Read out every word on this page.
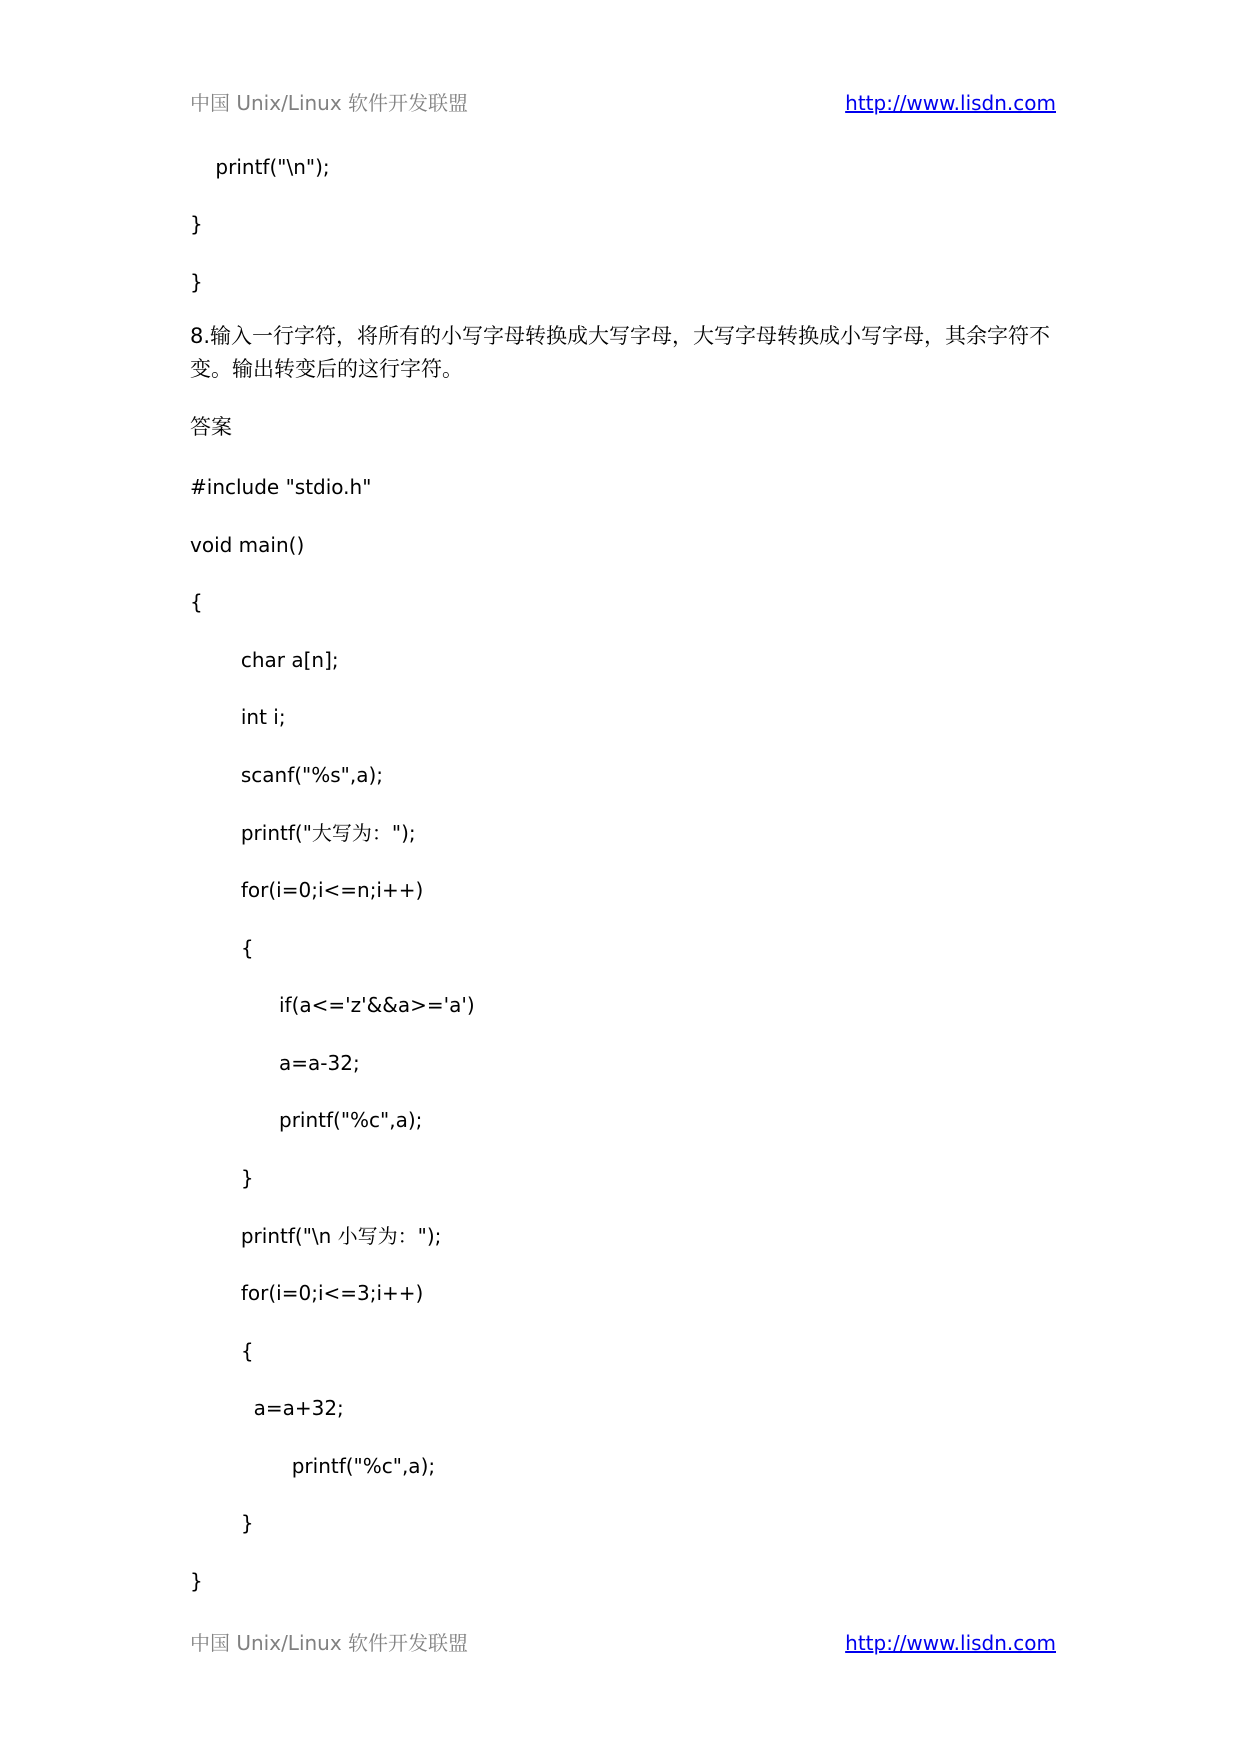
中国 Unix/Linux 软件开发联盟	http://www.lisdn.com
printf("\n");
}
}
8.输入一行字符，将所有的小写字母转换成大写字母，大写字母转换成小写字母，其余字符不变。输出转变后的这行字符。
答案
#include "stdio.h"
void main()
{
char a[n];
int i;
scanf("%s",a);
printf("大写为：");
for(i=0;i<=n;i++)
{
if(a<='z'&&a>='a')
a=a-32;
printf("%c",a);
}
printf("\n 小写为：");
for(i=0;i<=3;i++)
{
a=a+32;
printf("%c",a);
}
}
中国 Unix/Linux 软件开发联盟	http://www.lisdn.com
